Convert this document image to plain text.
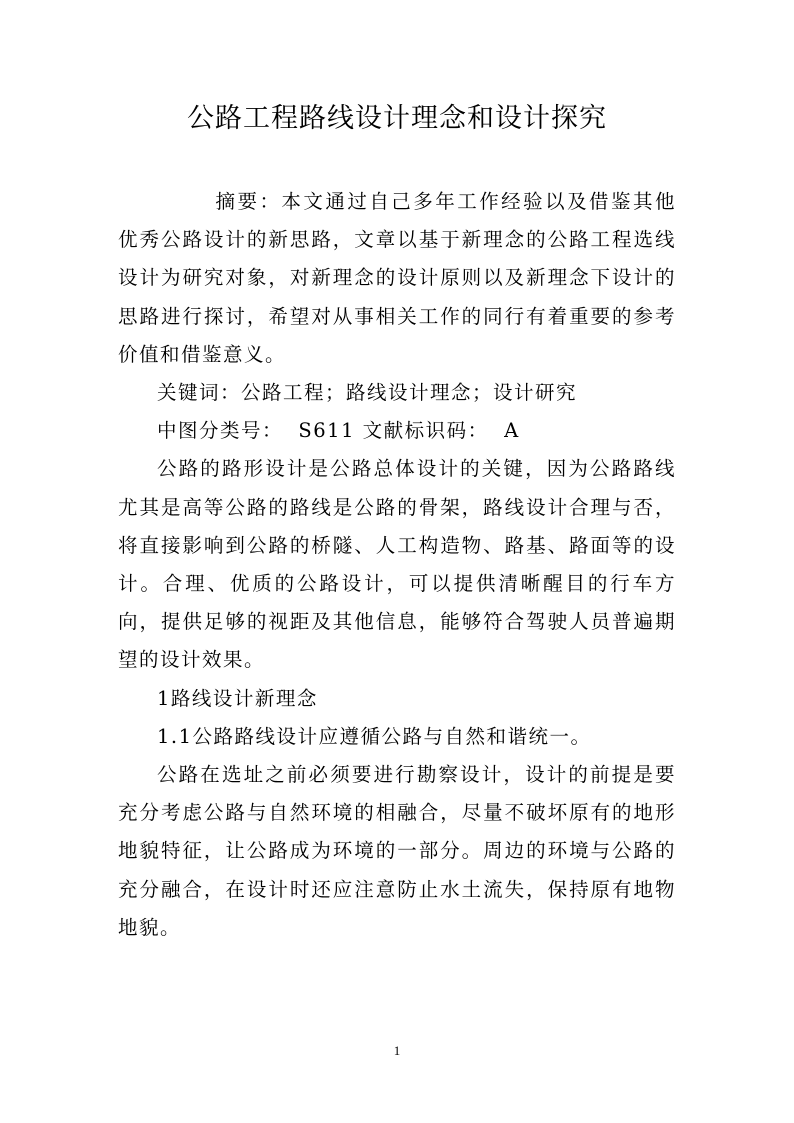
公路工程路线设计理念和设计探究

摘要：本文通过自己多年工作经验以及借鉴其他优秀公路设计的新思路，文章以基于新理念的公路工程选线设计为研究对象，对新理念的设计原则以及新理念下设计的思路进行探讨，希望对从事相关工作的同行有着重要的参考价值和借鉴意义。

关键词：公路工程；路线设计理念；设计研究

中图分类号：  S611 文献标识码：  A

公路的路形设计是公路总体设计的关键，因为公路路线尤其是高等公路的路线是公路的骨架，路线设计合理与否，将直接影响到公路的桥隧、人工构造物、路基、路面等的设计。合理、优质的公路设计，可以提供清晰醒目的行车方向，提供足够的视距及其他信息，能够符合驾驶人员普遍期望的设计效果。

1路线设计新理念

1.1公路路线设计应遵循公路与自然和谐统一。

公路在选址之前必须要进行勘察设计，设计的前提是要充分考虑公路与自然环境的相融合，尽量不破坏原有的地形地貌特征，让公路成为环境的一部分。周边的环境与公路的充分融合，在设计时还应注意防止水土流失，保持原有地物地貌。

1
